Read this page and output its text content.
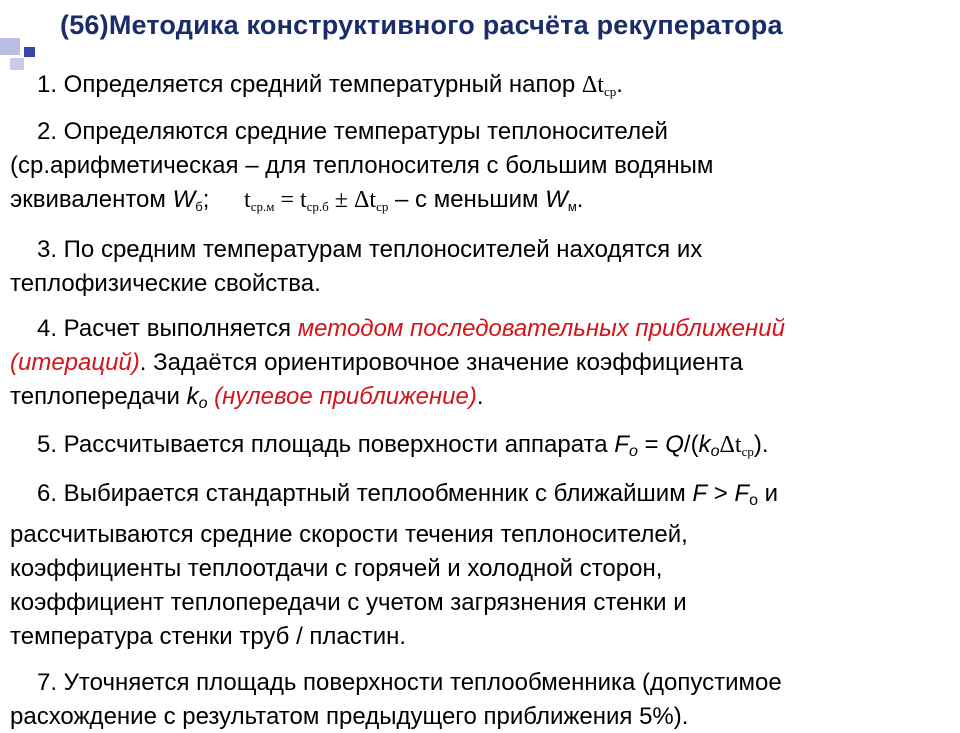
(56)Методика конструктивного расчёта рекуператора

1. Определяется средний температурный напор $\Delta t_{ср}$.

2. Определяются средние температуры теплоносителей

(ср.арифметическая – для теплоносителя с большим водяным

эквивалентом $W_б$; $t_{ср.м} = t_{ср.б} \pm \Delta t_{ср} - с$ меньшим $W_м$.

3. По средним температурам теплоносителей находятся их

теплофизические свойства.

4. Расчет выполняется методом последовательных приближений

(итераций). Задаётся ориентировочное значение коэффициента

теплопередачи ko (нулевое приближение).

5. Рассчитывается площадь поверхности аппарата Fo = Q/(koΔt$_{ср}$).

6. Выбирается стандартный теплообменник с ближайшим F > Fo и

рассчитываются средние скорости течения теплоносителей,

коэффициенты теплоотдачи с горячей и холодной сторон,

коэффициент теплопередачи с учетом загрязнения стенки и

температура стенки труб / пластин.

7. Уточняется площадь поверхности теплообменника (допустимое

расхождение с результатом предыдущего приближения 5%).
